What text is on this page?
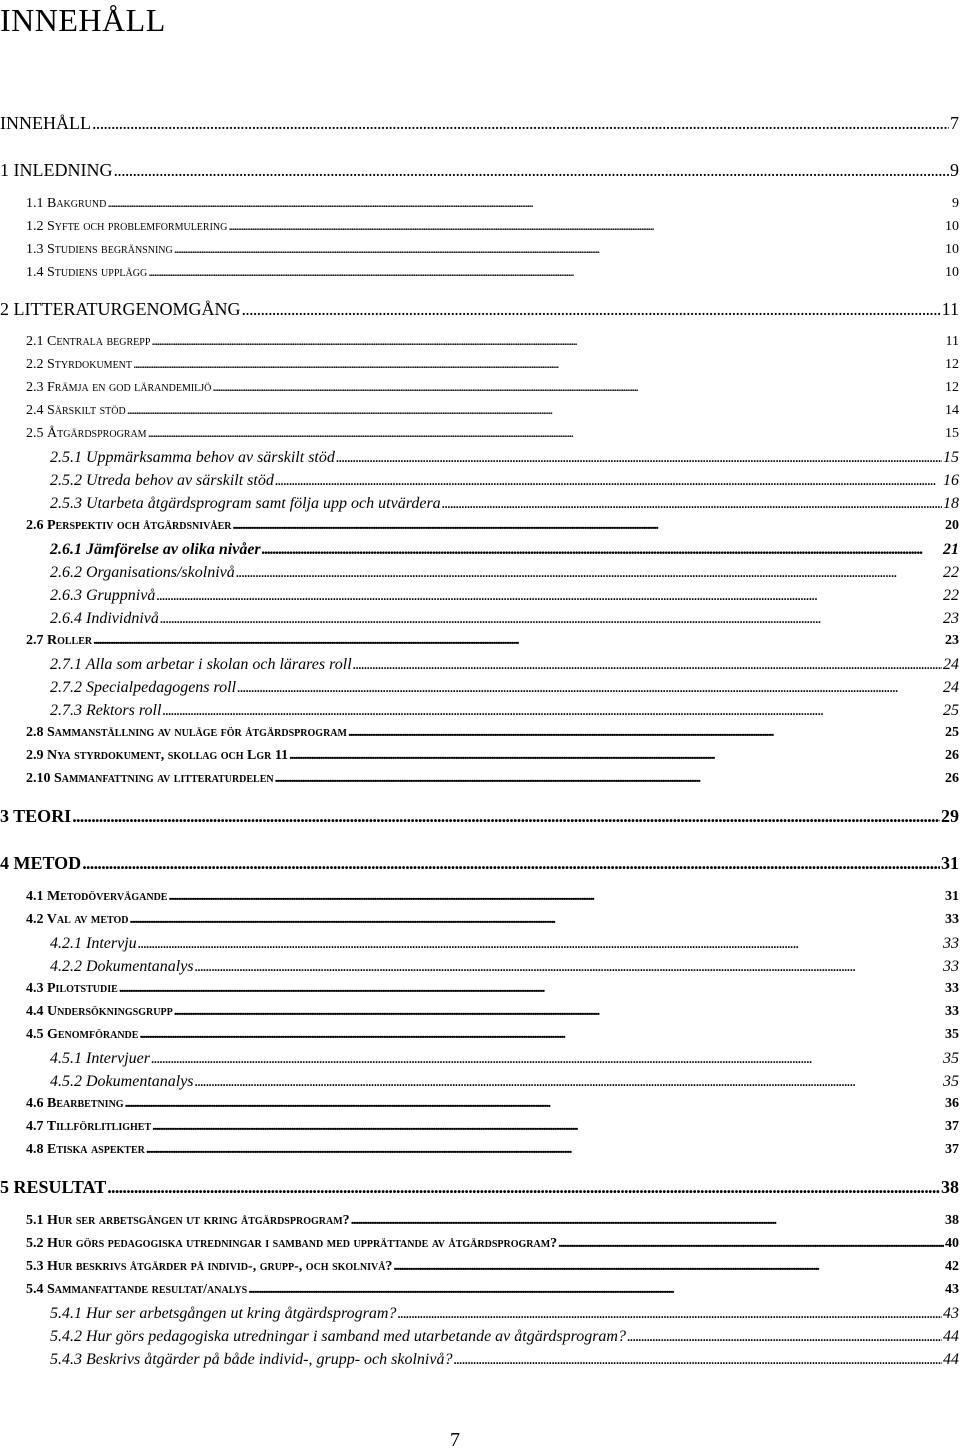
INNEHÅLL
INNEHÅLL . . .	7
1 INLEDNING . . .	9
1.1 Bakgrund . . .	9
1.2 Syfte och problemformulering . . .	10
1.3 Studiens begränsning . . .	10
1.4 Studiens upplägg . . .	10
2 LITTERATURGENOMGÅNG . . .	11
2.1 Centrala begrepp . . .	11
2.2 Styrdokument . . .	12
2.3 Främja en god lärandemiljö . . .	12
2.4 Särskilt stöd . . .	14
2.5 Åtgärdsprogram . . .	15
2.5.1 Uppmärksamma behov av särskilt stöd . . .	15
2.5.2 Utreda behov av särskilt stöd . . .	16
2.5.3 Utarbeta åtgärdsprogram samt följa upp och utvärdera . . .	18
2.6 Perspektiv och åtgärdsnivåer . . .	20
2.6.1 Jämförelse av olika nivåer . . .	21
2.6.2 Organisations/skolnivå . . .	22
2.6.3 Gruppnivå . . .	22
2.6.4 Individnivå . . .	23
2.7 Roller . . .	23
2.7.1 Alla som arbetar i skolan och lärares roll . . .	24
2.7.2 Specialpedagogens roll . . .	24
2.7.3 Rektors roll . . .	25
2.8 Sammanställning av nuläge för åtgärdsprogram . . .	25
2.9 Nya styrdokument, skollag och Lgr 11 . . .	26
2.10 Sammanfattning av litteraturdelen . . .	26
3 TEORI . . .	29
4 METOD . . .	31
4.1 Metodövervägande . . .	31
4.2 Val av metod . . .	33
4.2.1 Intervju . . .	33
4.2.2 Dokumentanalys . . .	33
4.3 Pilotstudie . . .	33
4.4 Undersökningsgrupp . . .	33
4.5 Genomförande . . .	35
4.5.1 Intervjuer . . .	35
4.5.2 Dokumentanalys . . .	35
4.6 Bearbetning . . .	36
4.7 Tillförlitlighet . . .	37
4.8 Etiska aspekter . . .	37
5 RESULTAT . . .	38
5.1 Hur ser arbetsgången ut kring åtgärdsprogram? . . .	38
5.2 Hur görs pedagogiska utredningar i samband med upprättande av åtgärdsprogram? . . .	40
5.3 Hur beskrivs åtgärder på individ-, grupp-, och skolnivå? . . .	42
5.4 Sammanfattande resultat/analys . . .	43
5.4.1 Hur ser arbetsgången ut kring åtgärdsprogram? . . .	43
5.4.2 Hur görs pedagogiska utredningar i samband med utarbetande av åtgärdsprogram? . . .	44
5.4.3 Beskrivs åtgärder på både individ-, grupp- och skolnivå? . . .	44
7
